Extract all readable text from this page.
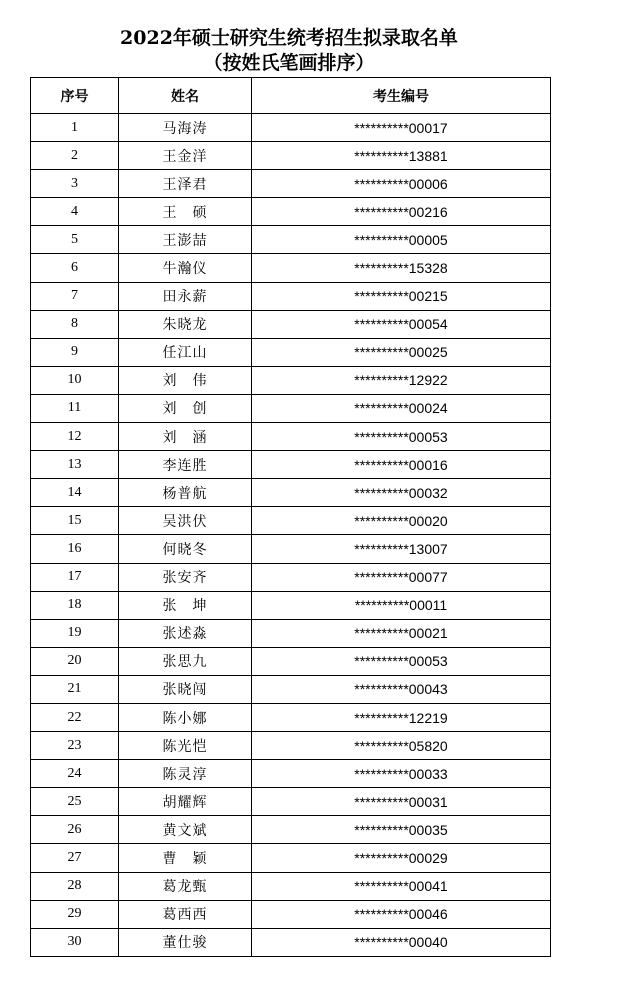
2022年硕士研究生统考招生拟录取名单
（按姓氏笔画排序）
序号	姓名	考生编号
1	马海涛	**********00017
2	王金洋	**********13881
3	王泽君	**********00006
4	王　硕	**********00216
5	王澎喆	**********00005
6	牛瀚仪	**********15328
7	田永薪	**********00215
8	朱晓龙	**********00054
9	任江山	**********00025
10	刘　伟	**********12922
11	刘　创	**********00024
12	刘　涵	**********00053
13	李连胜	**********00016
14	杨普航	**********00032
15	吴洪伏	**********00020
16	何晓冬	**********13007
17	张安齐	**********00077
18	张　坤	**********00011
19	张述淼	**********00021
20	张思九	**********00053
21	张晓闯	**********00043
22	陈小娜	**********12219
23	陈光恺	**********05820
24	陈灵淳	**********00033
25	胡耀辉	**********00031
26	黄文斌	**********00035
27	曹　颖	**********00029
28	葛龙甄	**********00041
29	葛西西	**********00046
30	董仕骏	**********00040
